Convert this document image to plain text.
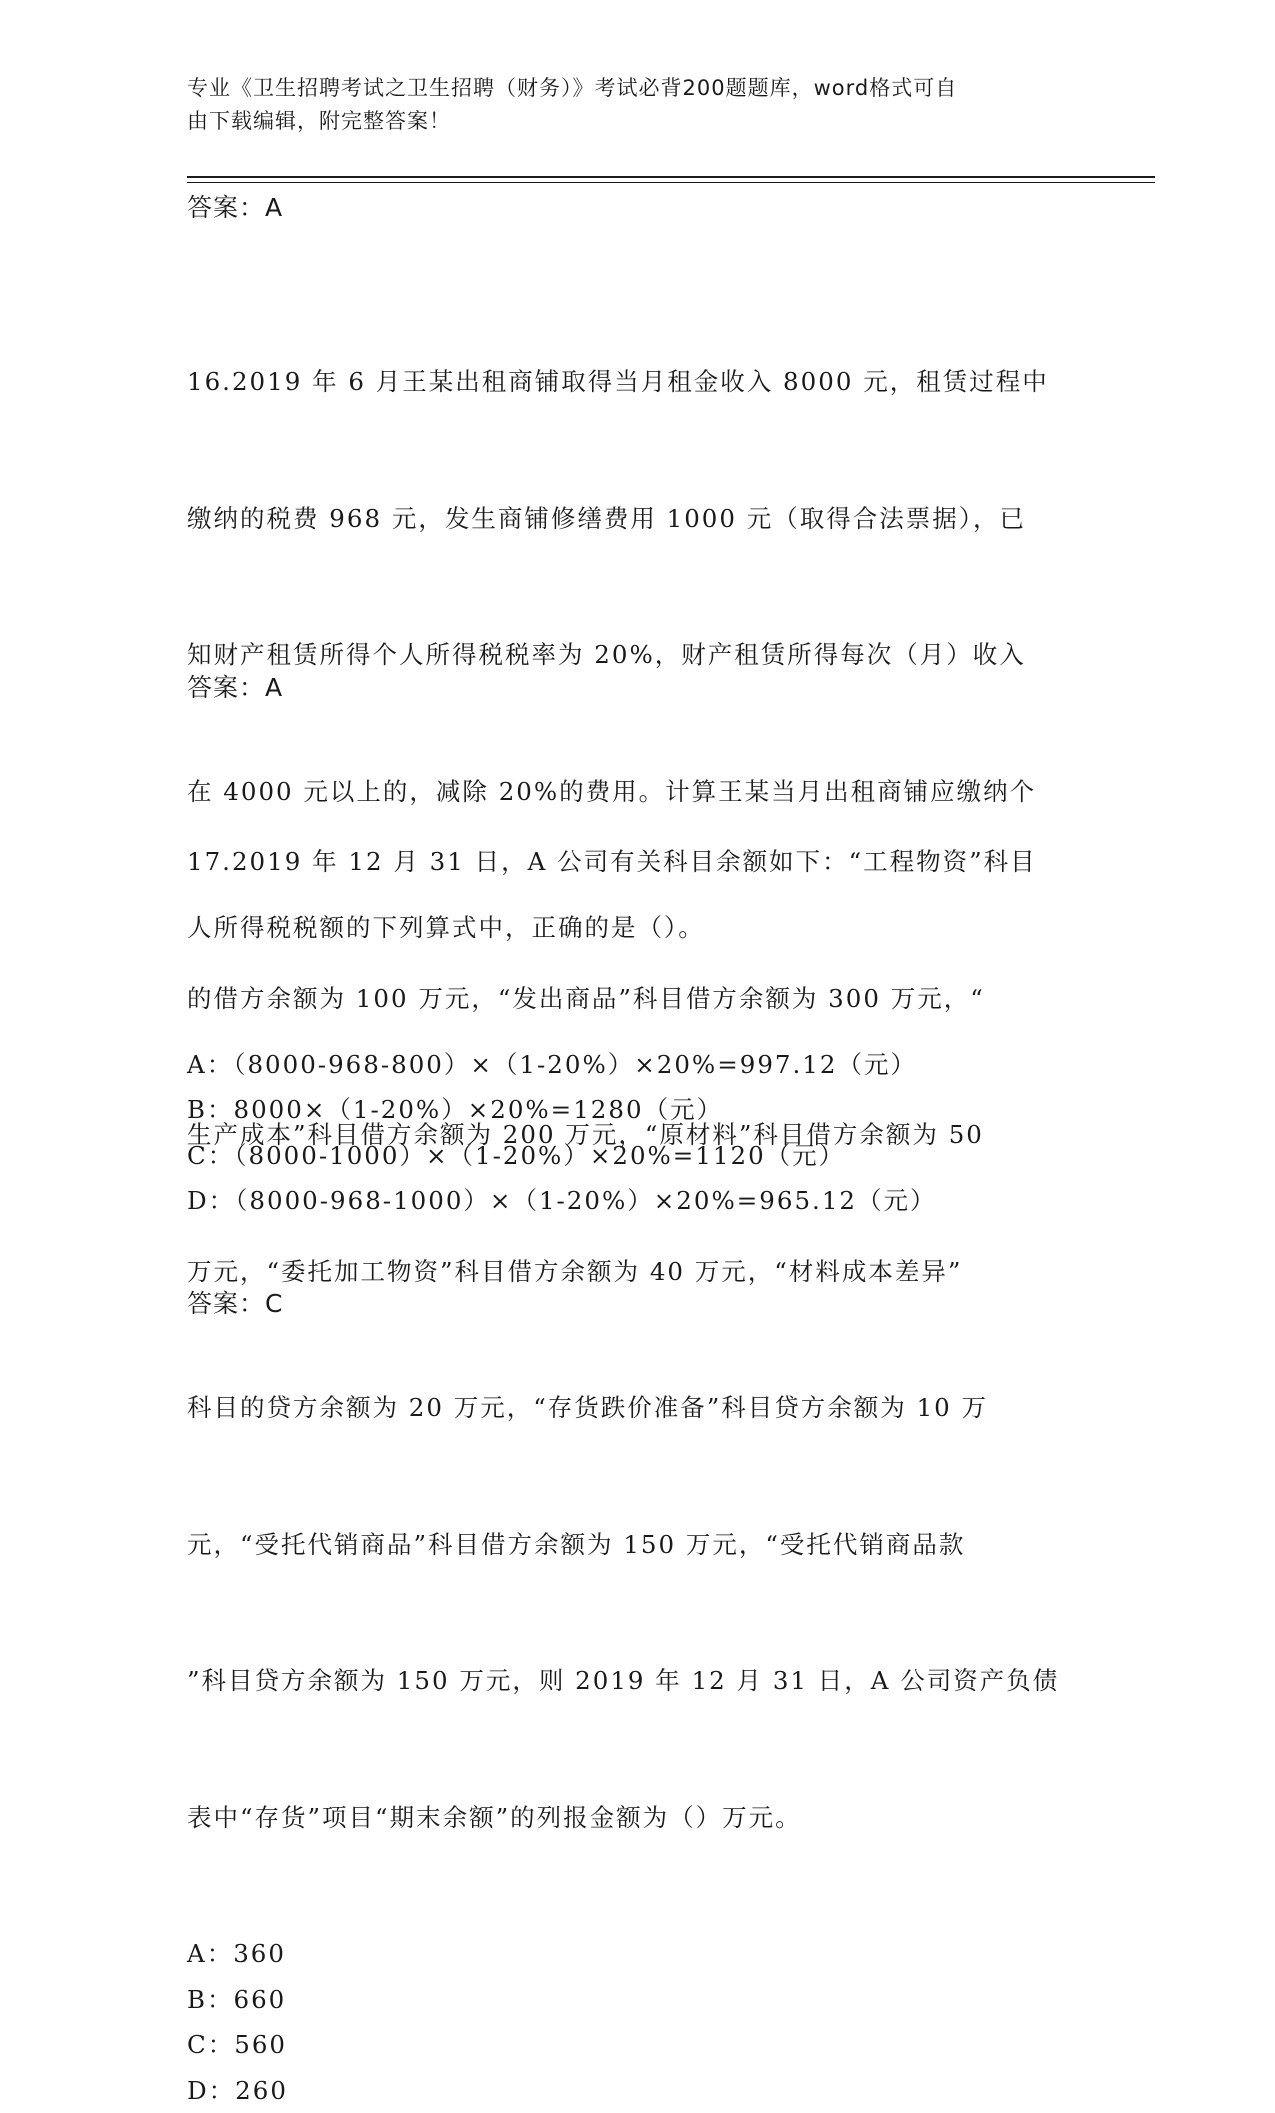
专业《卫生招聘考试之卫生招聘（财务）》考试必背200题题库，word格式可自
由下载编辑，附完整答案！
答案：A

16.2019 年 6 月王某出租商铺取得当月租金收入 8000 元，租赁过程中

缴纳的税费 968 元，发生商铺修缮费用 1000 元（取得合法票据），已

知财产租赁所得个人所得税税率为 20%，财产租赁所得每次（月）收入

在 4000 元以上的，减除 20%的费用。计算王某当月出租商铺应缴纳个

人所得税税额的下列算式中，正确的是（）。

A：（8000-968-800）×（1-20%）×20%=997.12（元）
B：8000×（1-20%）×20%=1280（元）
C：（8000-1000）×（1-20%）×20%=1120（元）
D：（8000-968-1000）×（1-20%）×20%=965.12（元）
答案：A

17.2019 年 12 月 31 日，A 公司有关科目余额如下：“工程物资”科目

的借方余额为 100 万元，“发出商品”科目借方余额为 300 万元，“

生产成本”科目借方余额为 200 万元，“原材料”科目借方余额为 50

万元，“委托加工物资”科目借方余额为 40 万元，“材料成本差异”

科目的贷方余额为 20 万元，“存货跌价准备”科目贷方余额为 10 万

元，“受托代销商品”科目借方余额为 150 万元，“受托代销商品款

”科目贷方余额为 150 万元，则 2019 年 12 月 31 日，A 公司资产负债

表中“存货”项目“期末余额”的列报金额为（）万元。

A：360
B：660
C：560
D：260
答案：C
